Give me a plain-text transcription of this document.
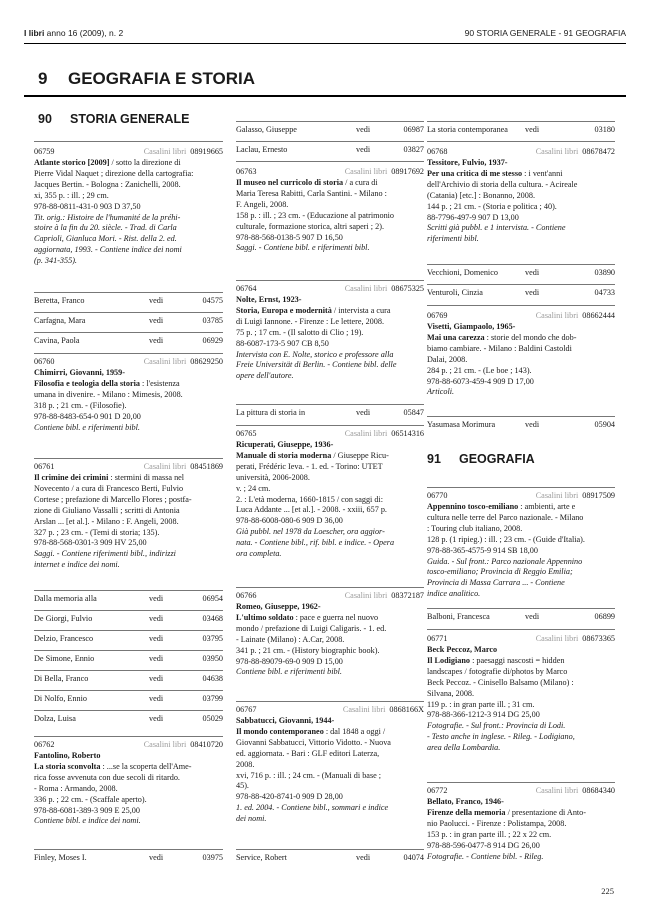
I libri anno 16 (2009), n. 2	90 STORIA GENERALE - 91 GEOGRAFIA
9 GEOGRAFIA E STORIA
90 STORIA GENERALE
91 GEOGRAFIA
Beretta, Franco	vedi	04575
Carfagna, Mara	vedi	03785
Cavina, Paola	vedi	06929
Dalla memoria alla	vedi	06954
De Giorgi, Fulvio	vedi	03468
Delzio, Francesco	vedi	03795
De Simone, Ennio	vedi	03950
Di Bella, Franco	vedi	04638
Di Nolfo, Ennio	vedi	03799
Dolza, Luisa	vedi	05029
Finley, Moses I.	vedi	03975
Galasso, Giuseppe	vedi	06987
Laclau, Ernesto	vedi	03827
La pittura di storia in	vedi	05847
Service, Robert	vedi	04074
La storia contemporanea vedi	03180
Vecchioni, Domenico	vedi	03890
Venturoli, Cinzia	vedi	04733
Yasumasa Morimura	vedi	05904
Balboni, Francesca	vedi	06899
06759	Casalini libri 08919665

Atlante storico [2009] / sotto la direzione di

Pierre Vidal Naquet ; direzione della cartografia:

Jacques Bertin. - Bologna : Zanichelli, 2008.

xi, 355 p. : ill. ; 29 cm.

978-88-0811-431-0 903 D 37,50

Tit. orig.: Histoire de l'humanité de la préhi-

stoire à la fin du 20. siècle. - Trad. di Carla

Caprioli, Gianluca Mori. - Rist. della 2. ed.

aggiornata, 1993. - Contiene indice dei nomi

(p. 341-355).

06760	Casalini libri 08629250

Chimirri, Giovanni, 1959-

Filosofia e teologia della storia : l'esistenza

umana in divenire. - Milano : Mimesis, 2008.

318 p. ; 21 cm. - (Filosofie).

978-88-8483-654-0 901 D 20,00

Contiene bibl. e riferimenti bibl.

06761	Casalini libri 08451869

Il crimine dei crimini : stermini di massa nel

Novecento / a cura di Francesco Berti, Fulvio

Cortese ; prefazione di Marcello Flores ; postfa-

zione di Giuliano Vassalli ; scritti di Antonia

Arslan ... [et al.]. - Milano : F. Angeli, 2008.

327 p. ; 23 cm. - (Temi di storia; 135).

978-88-568-0301-3 909 HV 25,00

Saggi. - Contiene riferimenti bibl., indirizzi

internet e indice dei nomi.

06762	Casalini libri 08410720

Fantolino, Roberto

La storia sconvolta : ...se la scoperta dell'Ame-

rica fosse avvenuta con due secoli di ritardo.

- Roma : Armando, 2008.

336 p. ; 22 cm. - (Scaffale aperto).

978-88-6081-389-3 909 E 25,00

Contiene bibl. e indice dei nomi.

06763	Casalini libri 08917692

Il museo nel curricolo di storia / a cura di

Maria Teresa Rabitti, Carla Santini. - Milano :

F. Angeli, 2008.

158 p. : ill. ; 23 cm. - (Educazione al patrimonio

culturale, formazione storica, altri saperi ; 2).

978-88-568-0138-5 907 D 16,50

Saggi. - Contiene bibl. e riferimenti bibl.

06764	Casalini libri 08675325

Nolte, Ernst, 1923-

Storia, Europa e modernità / intervista a cura

di Luigi Iannone. - Firenze : Le lettere, 2008.

75 p. ; 17 cm. - (Il salotto di Clio ; 19).

88-6087-173-5 907 CB 8,50

Intervista con E. Nolte, storico e professore alla

Freie Universität di Berlin. - Contiene bibl. delle

opere dell'autore.

06765	Casalini libri 06514316

Ricuperati, Giuseppe, 1936-

Manuale di storia moderna / Giuseppe Ricu-

perati, Frédéric Ieva. - 1. ed. - Torino: UTET

università, 2006-2008.

v. ; 24 cm.

2. : L'età moderna, 1660-1815 / con saggi di:

Luca Addante ... [et al.]. - 2008. - xxiii, 657 p.

978-88-6008-080-6 909 D 36,00

Già pubbl. nel 1978 da Loescher, ora aggior-

nata. - Contiene bibl., rif. bibl. e indice. - Opera

ora completa.

06766	Casalini libri 08372187

Romeo, Giuseppe, 1962-

L'ultimo soldato : pace e guerra nel nuovo

mondo / prefazione di Luigi Caligaris. - 1. ed.

- Lainate (Milano) : A.Car, 2008.

341 p. ; 21 cm. - (History biographic book).

978-88-89079-69-0 909 D 15,00

Contiene bibl. e riferimenti bibl.

06767	Casalini libri 0868166X

Sabbatucci, Giovanni, 1944-

Il mondo contemporaneo : dal 1848 a oggi /

Giovanni Sabbatucci, Vittorio Vidotto. - Nuova

ed. aggiornata. - Bari : GLF editori Laterza,

2008.

xvi, 716 p. : ill. ; 24 cm. - (Manuali di base ;

45).

978-88-420-8741-0 909 D 28,00

1. ed. 2004. - Contiene bibl., sommari e indice

dei nomi.

06768	Casalini libri 08678472

Tessitore, Fulvio, 1937-

Per una critica di me stesso : i vent'anni

dell'Archivio di storia della cultura. - Acireale

(Catania) [etc.] : Bonanno, 2008.

144 p. ; 21 cm. - (Storia e politica ; 40).

88-7796-497-9 907 D 13,00

Scritti già pubbl. e 1 intervista. - Contiene

riferimenti bibl.

06769	Casalini libri 08662444

Visetti, Giampaolo, 1965-

Mai una carezza : storie del mondo che dob-

biamo cambiare. - Milano : Baldini Castoldi

Dalai, 2008.

284 p. ; 21 cm. - (Le boe ; 143).

978-88-6073-459-4 909 D 17,00

Articoli.

06770	Casalini libri 08917509

Appennino tosco-emiliano : ambienti, arte e

cultura nelle terre del Parco nazionale. - Milano

: Touring club italiano, 2008.

128 p. (1 ripieg.) : ill. ; 23 cm. - (Guide d'Italia).

978-88-365-4575-9 914 SB 18,00

Guida. - Sul front.: Parco nazionale Appennino

tosco-emiliano; Provincia di Reggio Emilia;

Provincia di Massa Carrara ... - Contiene

indice analitico.

06771	Casalini libri 08673365

Beck Peccoz, Marco

Il Lodigiano : paesaggi nascosti = hidden

landscapes / fotografie di/photos by Marco

Beck Peccoz. - Cinisello Balsamo (Milano) :

Silvana, 2008.

119 p. : in gran parte ill. ; 31 cm.

978-88-366-1212-3 914 DG 25,00

Fotografie. - Sul front.: Provincia di Lodi.

- Testo anche in inglese. - Rileg. - Lodigiano,

area della Lombardia.

06772	Casalini libri 08684340

Bellato, Franco, 1946-

Firenze della memoria / presentazione di Anto-

nio Paolucci. - Firenze : Polistampa, 2008.

153 p. : in gran parte ill. ; 22 x 22 cm.

978-88-596-0477-8 914 DG 26,00

Fotografie. - Contiene bibl. - Rileg.

225
